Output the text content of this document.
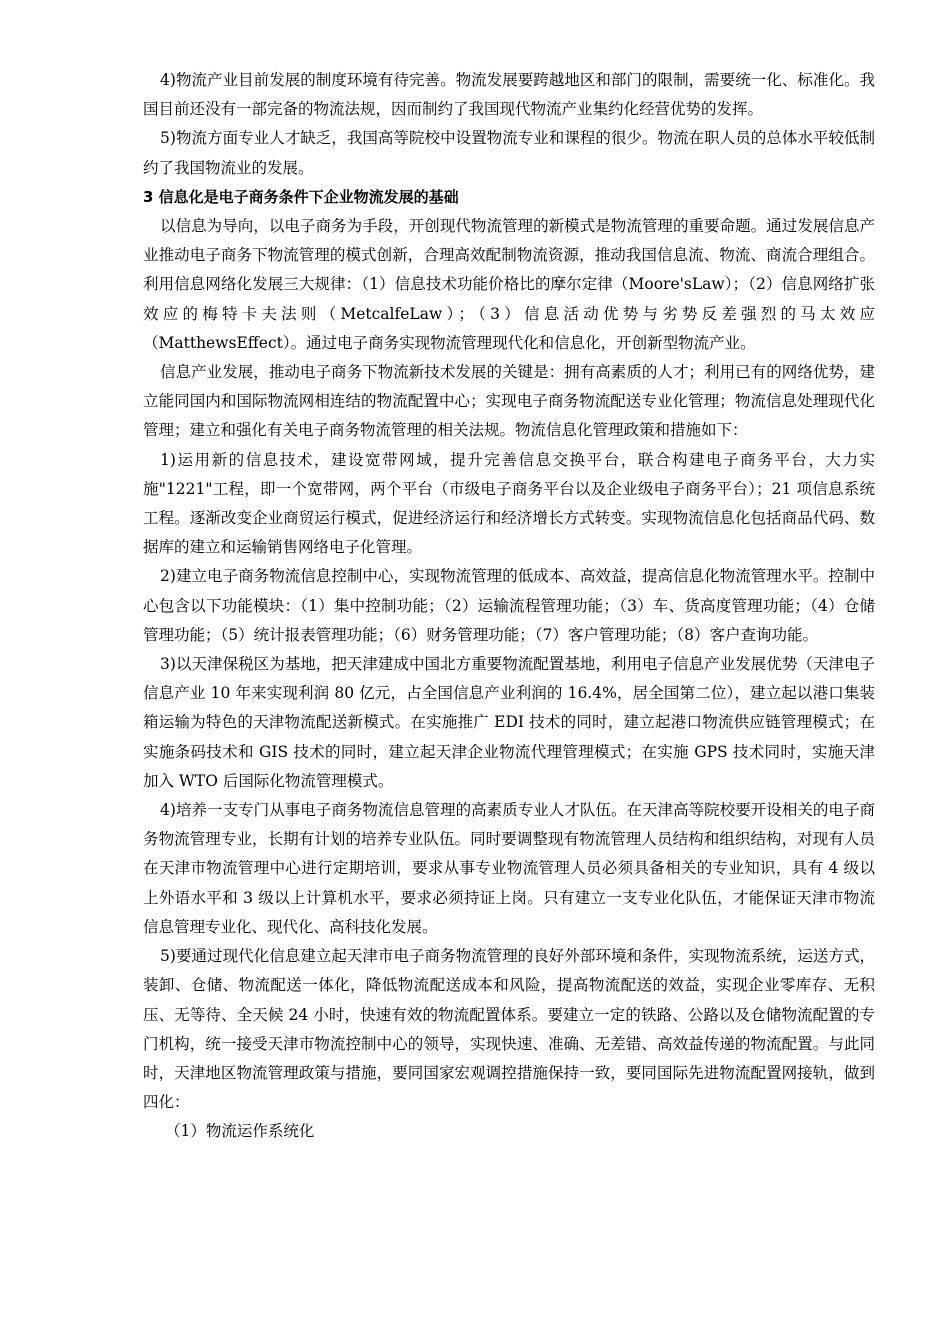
4)物流产业目前发展的制度环境有待完善。物流发展要跨越地区和部门的限制，需要统一化、标准化。我国目前还没有一部完备的物流法规，因而制约了我国现代物流产业集约化经营优势的发挥。

5)物流方面专业人才缺乏，我国高等院校中设置物流专业和课程的很少。物流在职人员的总体水平较低制约了我国物流业的发展。

3 信息化是电子商务条件下企业物流发展的基础

以信息为导向，以电子商务为手段，开创现代物流管理的新模式是物流管理的重要命题。通过发展信息产业推动电子商务下物流管理的模式创新，合理高效配制物流资源，推动我国信息流、物流、商流合理组合。利用信息网络化发展三大规律：（1）信息技术功能价格比的摩尔定律（Moore'sLaw）；（2）信息网络扩张效应的梅特卡夫法则（MetcalfeLaw）；（3）信息活动优势与劣势反差强烈的马太效应（MatthewsEffect）。通过电子商务实现物流管理现代化和信息化，开创新型物流产业。

信息产业发展，推动电子商务下物流新技术发展的关键是：拥有高素质的人才；利用已有的网络优势，建立能同国内和国际物流网相连结的物流配置中心；实现电子商务物流配送专业化管理；物流信息处理现代化管理；建立和强化有关电子商务物流管理的相关法规。物流信息化管理政策和措施如下：

1)运用新的信息技术，建设宽带网域，提升完善信息交换平台，联合构建电子商务平台，大力实施"1221"工程，即一个宽带网，两个平台（市级电子商务平台以及企业级电子商务平台）；21 项信息系统工程。逐渐改变企业商贸运行模式，促进经济运行和经济增长方式转变。实现物流信息化包括商品代码、数据库的建立和运输销售网络电子化管理。

2)建立电子商务物流信息控制中心，实现物流管理的低成本、高效益，提高信息化物流管理水平。控制中心包含以下功能模块：（1）集中控制功能；（2）运输流程管理功能；（3）车、货高度管理功能；（4）仓储管理功能；（5）统计报表管理功能；（6）财务管理功能；（7）客户管理功能；（8）客户查询功能。

3)以天津保税区为基地，把天津建成中国北方重要物流配置基地，利用电子信息产业发展优势（天津电子信息产业 10 年来实现利润 80 亿元，占全国信息产业利润的 16.4%，居全国第二位），建立起以港口集装箱运输为特色的天津物流配送新模式。在实施推广 EDI 技术的同时，建立起港口物流供应链管理模式；在实施条码技术和 GIS 技术的同时，建立起天津企业物流代理管理模式；在实施 GPS 技术同时，实施天津加入 WTO 后国际化物流管理模式。

4)培养一支专门从事电子商务物流信息管理的高素质专业人才队伍。在天津高等院校要开设相关的电子商务物流管理专业，长期有计划的培养专业队伍。同时要调整现有物流管理人员结构和组织结构，对现有人员在天津市物流管理中心进行定期培训，要求从事专业物流管理人员必须具备相关的专业知识，具有 4 级以上外语水平和 3 级以上计算机水平，要求必须持证上岗。只有建立一支专业化队伍，才能保证天津市物流信息管理专业化、现代化、高科技化发展。

5)要通过现代化信息建立起天津市电子商务物流管理的良好外部环境和条件，实现物流系统，运送方式，装卸、仓储、物流配送一体化，降低物流配送成本和风险，提高物流配送的效益，实现企业零库存、无积压、无等待、全天候 24 小时，快速有效的物流配置体系。要建立一定的铁路、公路以及仓储物流配置的专门机构，统一接受天津市物流控制中心的领导，实现快速、准确、无差错、高效益传递的物流配置。与此同时，天津地区物流管理政策与措施，要同国家宏观调控措施保持一致，要同国际先进物流配置网接轨，做到四化：

（1）物流运作系统化
